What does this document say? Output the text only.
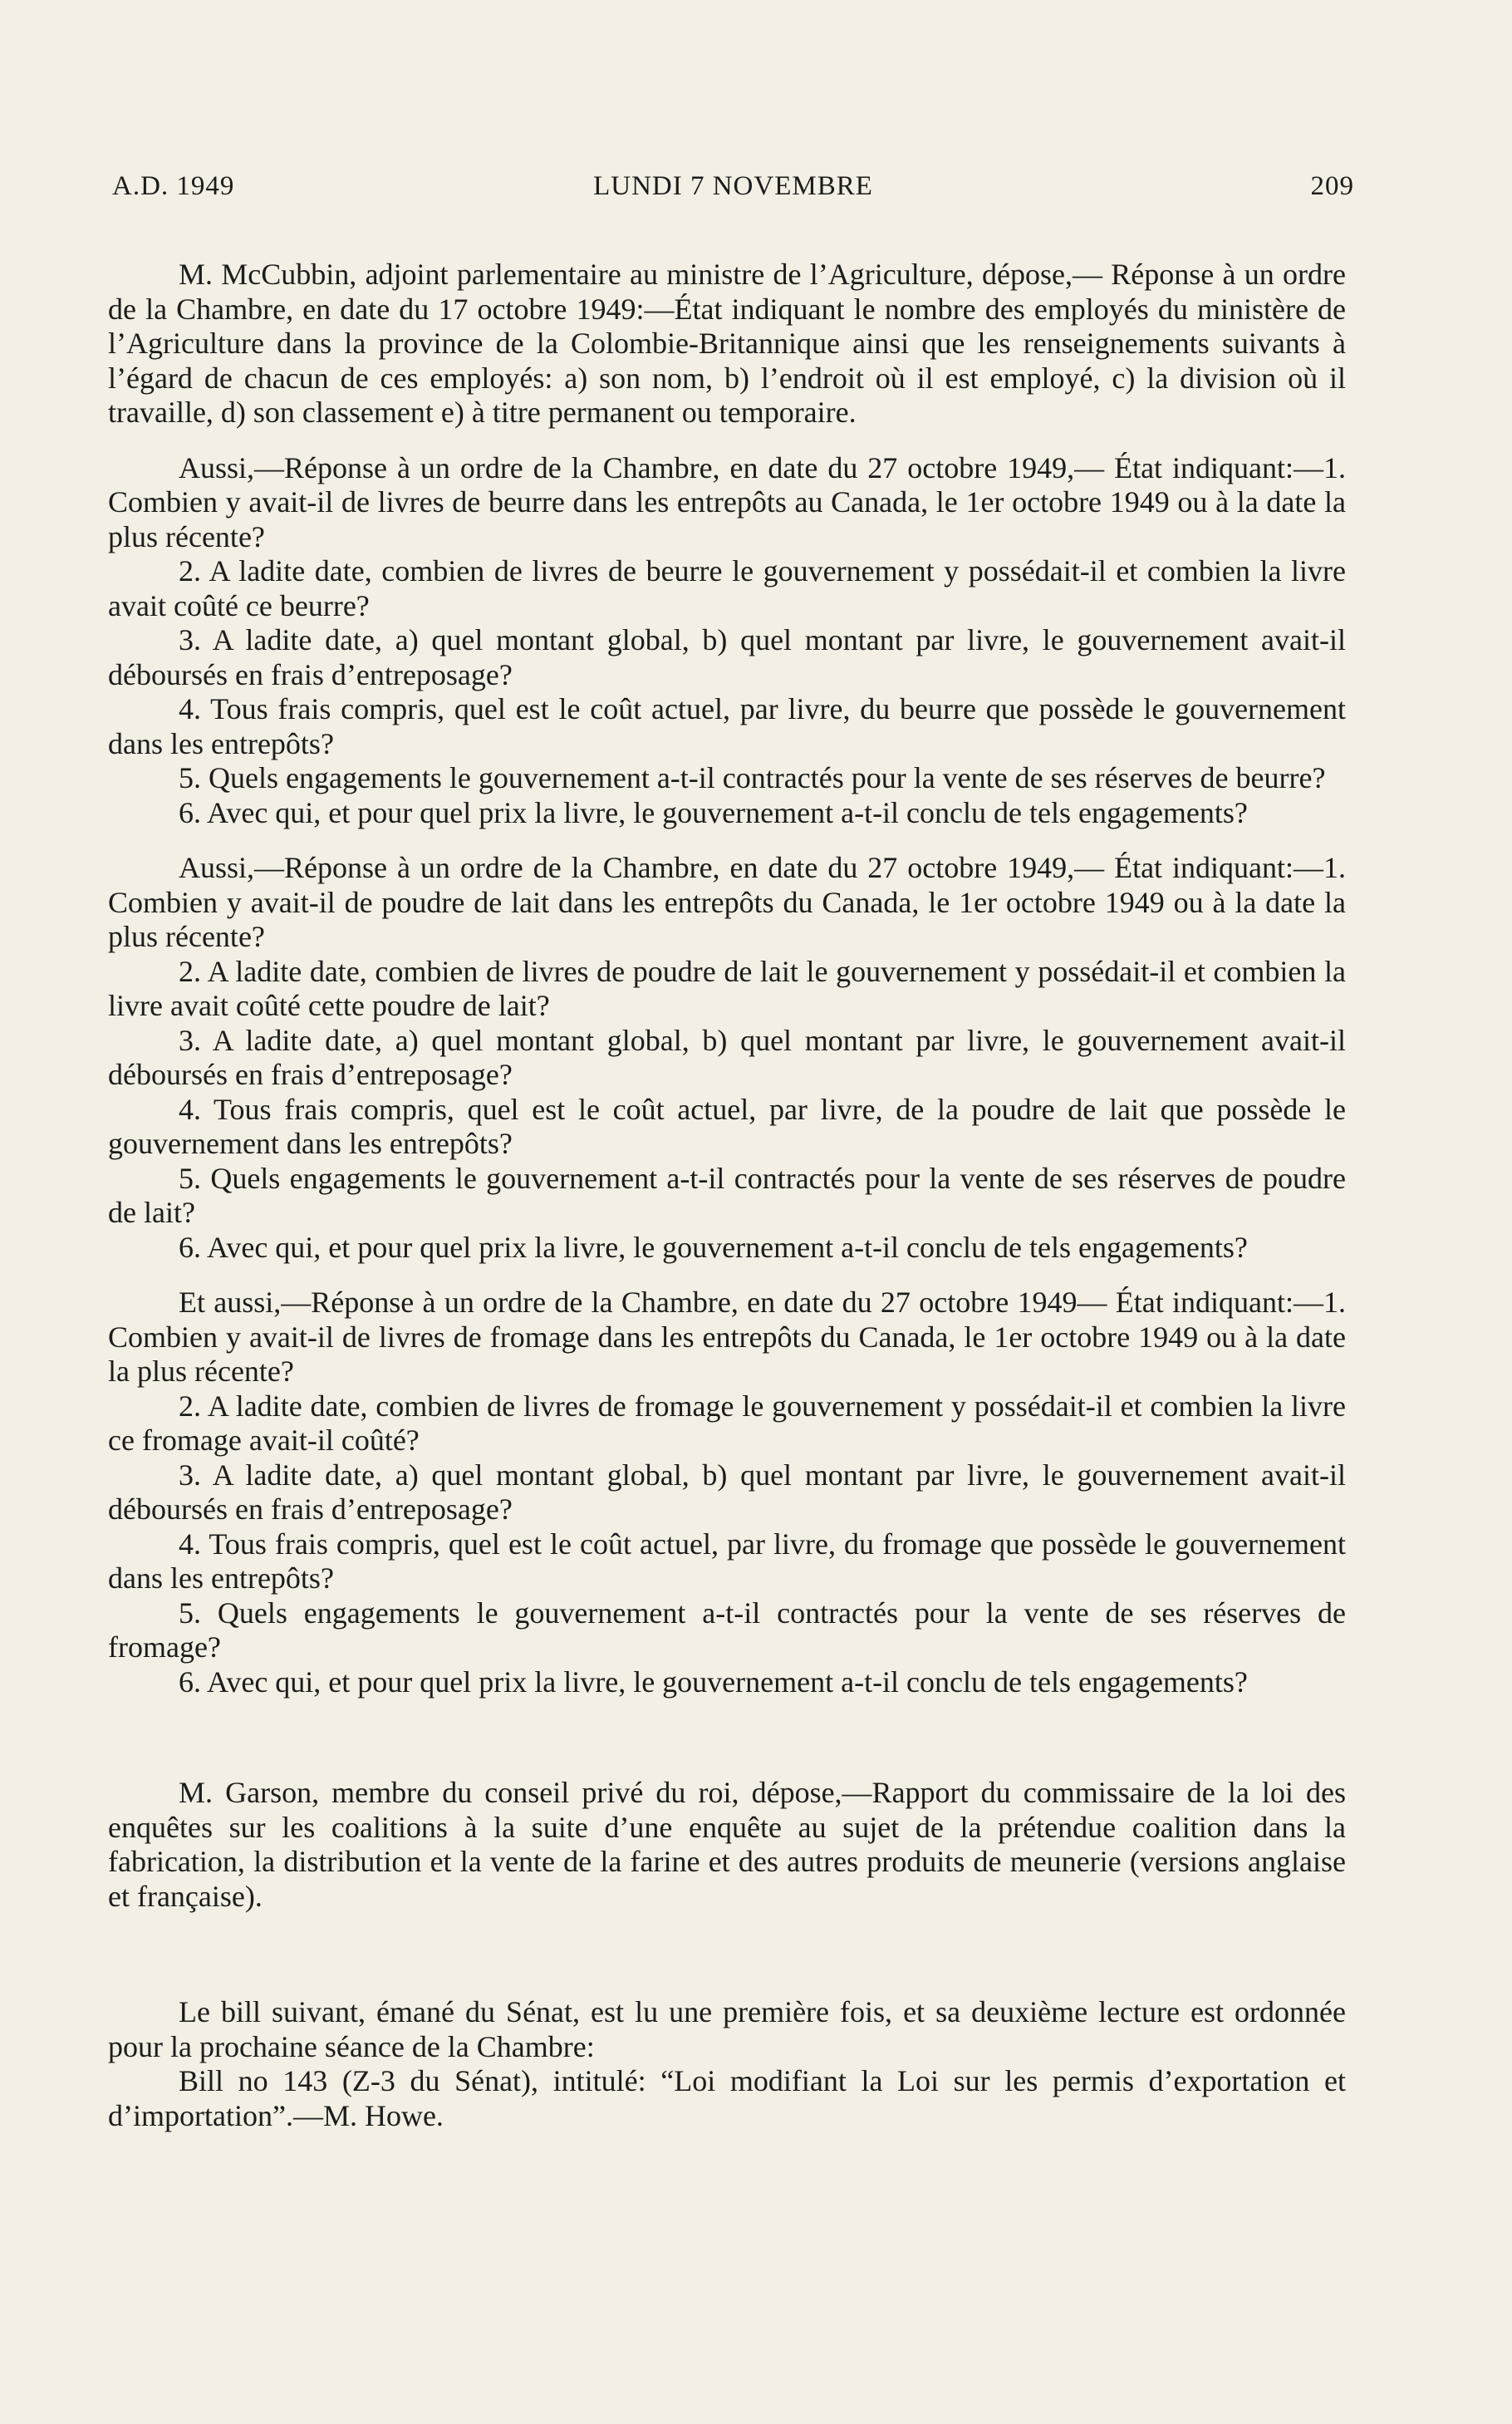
A.D. 1949	LUNDI 7 NOVEMBRE	209

M. McCubbin, adjoint parlementaire au ministre de l’Agriculture, dépose,— Réponse à un ordre de la Chambre, en date du 17 octobre 1949:—État indiquant le nombre des employés du ministère de l’Agriculture dans la province de la Colombie-Britannique ainsi que les renseignements suivants à l’égard de chacun de ces employés: a) son nom, b) l’endroit où il est employé, c) la division où il travaille, d) son classement e) à titre permanent ou temporaire.

Aussi,—Réponse à un ordre de la Chambre, en date du 27 octobre 1949,— État indiquant:—1. Combien y avait-il de livres de beurre dans les entrepôts au Canada, le 1er octobre 1949 ou à la date la plus récente?

2. A ladite date, combien de livres de beurre le gouvernement y possédait-il et combien la livre avait coûté ce beurre?

3. A ladite date, a) quel montant global, b) quel montant par livre, le gouvernement avait-il déboursés en frais d’entreposage?

4. Tous frais compris, quel est le coût actuel, par livre, du beurre que possède le gouvernement dans les entrepôts?

5. Quels engagements le gouvernement a-t-il contractés pour la vente de ses réserves de beurre?

6. Avec qui, et pour quel prix la livre, le gouvernement a-t-il conclu de tels engagements?

Aussi,—Réponse à un ordre de la Chambre, en date du 27 octobre 1949,— État indiquant:—1. Combien y avait-il de poudre de lait dans les entrepôts du Canada, le 1er octobre 1949 ou à la date la plus récente?

2. A ladite date, combien de livres de poudre de lait le gouvernement y possédait-il et combien la livre avait coûté cette poudre de lait?

3. A ladite date, a) quel montant global, b) quel montant par livre, le gouvernement avait-il déboursés en frais d’entreposage?

4. Tous frais compris, quel est le coût actuel, par livre, de la poudre de lait que possède le gouvernement dans les entrepôts?

5. Quels engagements le gouvernement a-t-il contractés pour la vente de ses réserves de poudre de lait?

6. Avec qui, et pour quel prix la livre, le gouvernement a-t-il conclu de tels engagements?

Et aussi,—Réponse à un ordre de la Chambre, en date du 27 octobre 1949— État indiquant:—1. Combien y avait-il de livres de fromage dans les entrepôts du Canada, le 1er octobre 1949 ou à la date la plus récente?

2. A ladite date, combien de livres de fromage le gouvernement y possédait-il et combien la livre ce fromage avait-il coûté?

3. A ladite date, a) quel montant global, b) quel montant par livre, le gouvernement avait-il déboursés en frais d’entreposage?

4. Tous frais compris, quel est le coût actuel, par livre, du fromage que possède le gouvernement dans les entrepôts?

5. Quels engagements le gouvernement a-t-il contractés pour la vente de ses réserves de fromage?

6. Avec qui, et pour quel prix la livre, le gouvernement a-t-il conclu de tels engagements?

M. Garson, membre du conseil privé du roi, dépose,—Rapport du commissaire de la loi des enquêtes sur les coalitions à la suite d’une enquête au sujet de la prétendue coalition dans la fabrication, la distribution et la vente de la farine et des autres produits de meunerie (versions anglaise et française).

Le bill suivant, émané du Sénat, est lu une première fois, et sa deuxième lecture est ordonnée pour la prochaine séance de la Chambre:

Bill no 143 (Z-3 du Sénat), intitulé: “Loi modifiant la Loi sur les permis d’exportation et d’importation”.—M. Howe.
